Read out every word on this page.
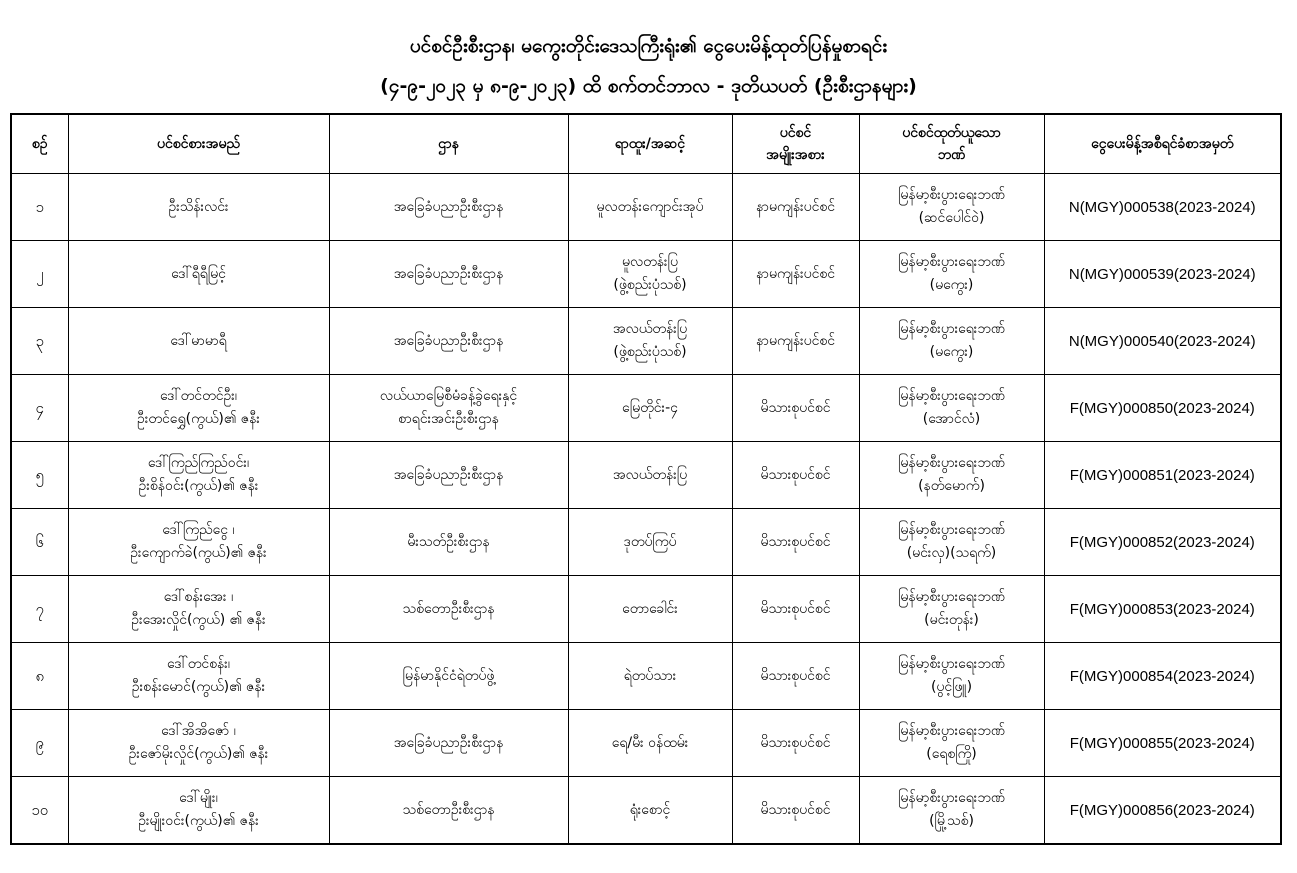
ပင်စင်ဦးစီးဌာန၊ မကွေးတိုင်းဒေသကြီးရုံး၏ ငွေပေးမိန့်ထုတ်ပြန်မှုစာရင်း
(၄-၉-၂၀၂၃ မှ ၈-၉-၂၀၂၃) ထိ စက်တင်ဘာလ - ဒုတိယပတ် (ဦးစီးဌာနများ)
စဉ်	ပင်စင်စားအမည်	ဌာန	ရာထူး/အဆင့်	ပင်စင်
အမျိုးအစား	ပင်စင်ထုတ်ယူသော
ဘဏ်	ငွေပေးမိန့်အစီရင်ခံစာအမှတ်
၁	ဦးသိန်းလင်း	အခြေခံပညာဦးစီးဌာန	မူလတန်းကျောင်းအုပ်	နာမကျန်းပင်စင်	မြန်မာ့စီးပွားရေးဘဏ်
(ဆင်ပေါင်ဝဲ)	N(MGY)000538(2023-2024)
၂	ဒေါ်ရီရီမြင့်	အခြေခံပညာဦးစီးဌာန	မူလတန်းပြ
(ဖွဲ့စည်းပုံသစ်)	နာမကျန်းပင်စင်	မြန်မာ့စီးပွားရေးဘဏ်
(မကွေး)	N(MGY)000539(2023-2024)
၃	ဒေါ်မာမာရီ	အခြေခံပညာဦးစီးဌာန	အလယ်တန်းပြ
(ဖွဲ့စည်းပုံသစ်)	နာမကျန်းပင်စင်	မြန်မာ့စီးပွားရေးဘဏ်
(မကွေး)	N(MGY)000540(2023-2024)
၄	ဒေါ်တင်တင်ဦး၊
ဦးတင်ရွှေ(ကွယ်)၏ ဇနီး	လယ်ယာမြေစီမံခန့်ခွဲရေးနှင့်
စာရင်းအင်းဦးစီးဌာန	မြေတိုင်း-၄	မိသားစုပင်စင်	မြန်မာ့စီးပွားရေးဘဏ်
(အောင်လံ)	F(MGY)000850(2023-2024)
၅	ဒေါ်ကြည်ကြည်ဝင်း၊
ဦးစိန်ဝင်း(ကွယ်)၏ ဇနီး	အခြေခံပညာဦးစီးဌာန	အလယ်တန်းပြ	မိသားစုပင်စင်	မြန်မာ့စီးပွားရေးဘဏ်
(နတ်မောက်)	F(MGY)000851(2023-2024)
၆	ဒေါ်ကြည်ငွေ ၊
ဦးကျောက်ခဲ(ကွယ်)၏ ဇနီး	မီးသတ်ဦးစီးဌာန	ဒုတပ်ကြပ်	မိသားစုပင်စင်	မြန်မာ့စီးပွားရေးဘဏ်
(မင်းလှ)(သရက်)	F(MGY)000852(2023-2024)
၇	ဒေါ်စန်းအေး ၊
ဦးအေးလှိုင်(ကွယ်) ၏ ဇနီး	သစ်တောဦးစီးဌာန	တောခေါင်း	မိသားစုပင်စင်	မြန်မာ့စီးပွားရေးဘဏ်
(မင်းတုန်း)	F(MGY)000853(2023-2024)
၈	ဒေါ်တင်စန်း၊
ဦးစန်းမောင်(ကွယ်)၏ ဇနီး	မြန်မာနိုင်ငံရဲတပ်ဖွဲ့	ရဲတပ်သား	မိသားစုပင်စင်	မြန်မာ့စီးပွားရေးဘဏ်
(ပွင့်ဖြူ)	F(MGY)000854(2023-2024)
၉	ဒေါ်အိအိဇော် ၊
ဦးဇော်မိုးလှိုင်(ကွယ်)၏ ဇနီး	အခြေခံပညာဦးစီးဌာန	ရေ/မီး ဝန်ထမ်း	မိသားစုပင်စင်	မြန်မာ့စီးပွားရေးဘဏ်
(ရေစကြို)	F(MGY)000855(2023-2024)
၁၀	ဒေါ်မျိုး၊
ဦးမျိုးဝင်း(ကွယ်)၏ ဇနီး	သစ်တောဦးစီးဌာန	ရုံးစောင့်	မိသားစုပင်စင်	မြန်မာ့စီးပွားရေးဘဏ်
(မြို့သစ်)	F(MGY)000856(2023-2024)
